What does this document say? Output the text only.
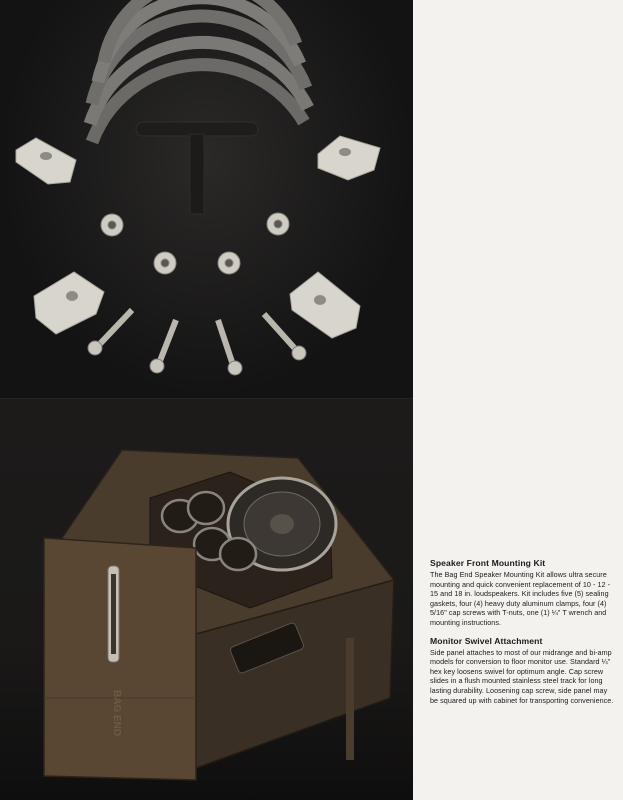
BAG END
Speaker Front Mounting Kit

The Bag End Speaker Mounting Kit allows ultra secure mounting and quick convenient replacement of 10 - 12 - 15 and 18 in. loudspeakers. Kit includes five (5) sealing gaskets, four (4) heavy duty aluminum clamps, four (4) 5/16" cap screws with T-nuts, one (1) ¼" T wrench and mounting instructions.

Monitor Swivel Attachment

Side panel attaches to most of our midrange and bi-amp models for conversion to floor monitor use. Standard ¼" hex key loosens swivel for optimum angle. Cap screw slides in a flush mounted stainless steel track for long lasting durability. Loosening cap screw, side panel may be squared up with cabinet for transporting convenience.
